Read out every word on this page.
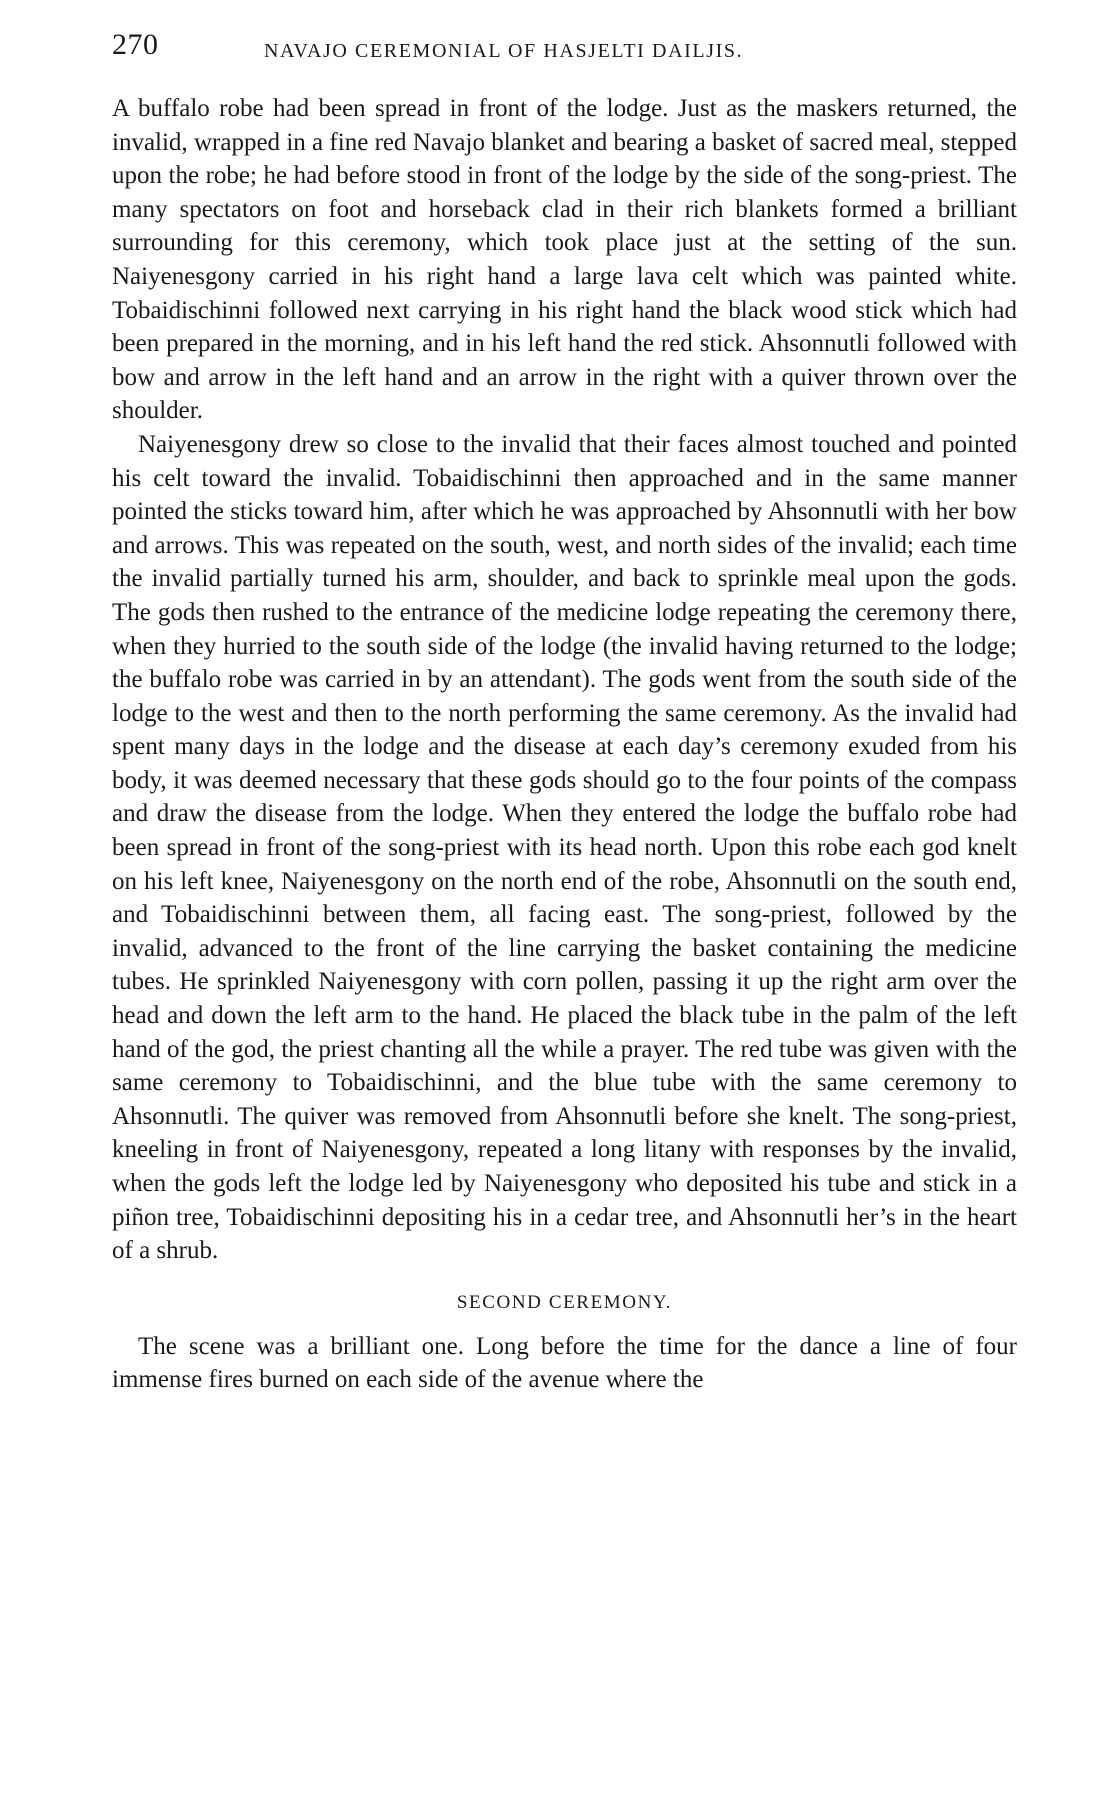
270	NAVAJO CEREMONIAL OF HASJELTI DAILJIS.

A buffalo robe had been spread in front of the lodge. Just as the maskers returned, the invalid, wrapped in a fine red Navajo blanket and bearing a basket of sacred meal, stepped upon the robe; he had before stood in front of the lodge by the side of the song-priest. The many spectators on foot and horseback clad in their rich blankets formed a brilliant surrounding for this ceremony, which took place just at the setting of the sun. Naiyenesgony carried in his right hand a large lava celt which was painted white. Tobaidischinni followed next carrying in his right hand the black wood stick which had been prepared in the morning, and in his left hand the red stick. Ahsonnutli followed with bow and arrow in the left hand and an arrow in the right with a quiver thrown over the shoulder.

Naiyenesgony drew so close to the invalid that their faces almost touched and pointed his celt toward the invalid. Tobaidischinni then approached and in the same manner pointed the sticks toward him, after which he was approached by Ahsonnutli with her bow and arrows. This was repeated on the south, west, and north sides of the invalid; each time the invalid partially turned his arm, shoulder, and back to sprinkle meal upon the gods. The gods then rushed to the entrance of the medicine lodge repeating the ceremony there, when they hurried to the south side of the lodge (the invalid having returned to the lodge; the buffalo robe was carried in by an attendant). The gods went from the south side of the lodge to the west and then to the north performing the same ceremony. As the invalid had spent many days in the lodge and the disease at each day’s ceremony exuded from his body, it was deemed necessary that these gods should go to the four points of the compass and draw the disease from the lodge. When they entered the lodge the buffalo robe had been spread in front of the song-priest with its head north. Upon this robe each god knelt on his left knee, Naiyenesgony on the north end of the robe, Ahsonnutli on the south end, and Tobaidischinni between them, all facing east. The song-priest, followed by the invalid, advanced to the front of the line carrying the basket containing the medicine tubes. He sprinkled Naiyenesgony with corn pollen, passing it up the right arm over the head and down the left arm to the hand. He placed the black tube in the palm of the left hand of the god, the priest chanting all the while a prayer. The red tube was given with the same ceremony to Tobaidischinni, and the blue tube with the same ceremony to Ahsonnutli. The quiver was removed from Ahsonnutli before she knelt. The song-priest, kneeling in front of Naiyenesgony, repeated a long litany with responses by the invalid, when the gods left the lodge led by Naiyenesgony who deposited his tube and stick in a piñon tree, Tobaidischinni depositing his in a cedar tree, and Ahsonnutli her’s in the heart of a shrub.

SECOND CEREMONY.

The scene was a brilliant one. Long before the time for the dance a line of four immense fires burned on each side of the avenue where the
